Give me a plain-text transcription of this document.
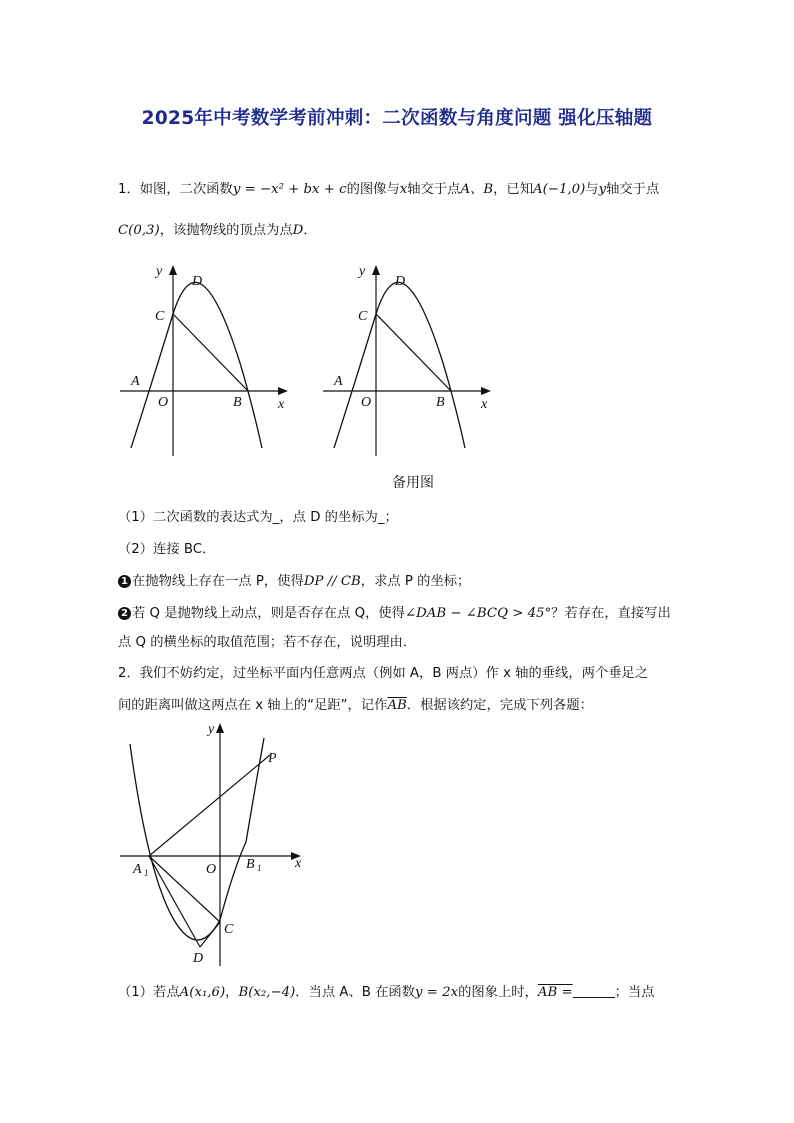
2025年中考数学考前冲刺：二次函数与角度问题 强化压轴题
1．如图，二次函数y = −x² + bx + c的图像与x轴交于点A、B，已知A(−1,0)与y轴交于点
C(0,3)，该抛物线的顶点为点D．
y
x
D
C
A
O	B
y
x
D
C
A
O	B
备用图
（1）二次函数的表达式为_，点 D 的坐标为_；
（2）连接 BC．
1 在抛物线上存在一点 P，使得DP // CB，求点 P 的坐标；
2 若 Q 是抛物线上动点，则是否存在点 Q，使得∠DAB − ∠BCQ > 45°？若存在，直接写出
点 Q 的横坐标的取值范围；若不存在，说明理由．
2．我们不妨约定，过坐标平面内任意两点（例如 A，B 两点）作 x 轴的垂线，两个垂足之
间的距离叫做这两点在 x 轴上的“足距”，记作$\overline{AB}$．根据该约定，完成下列各题：
y
x
P
O
A 1
B 1
C
D
（1）若点A(x₁,6)，B(x₂,−4)．当点 A、B 在函数y = 2x的图象上时，AB =	；当点
